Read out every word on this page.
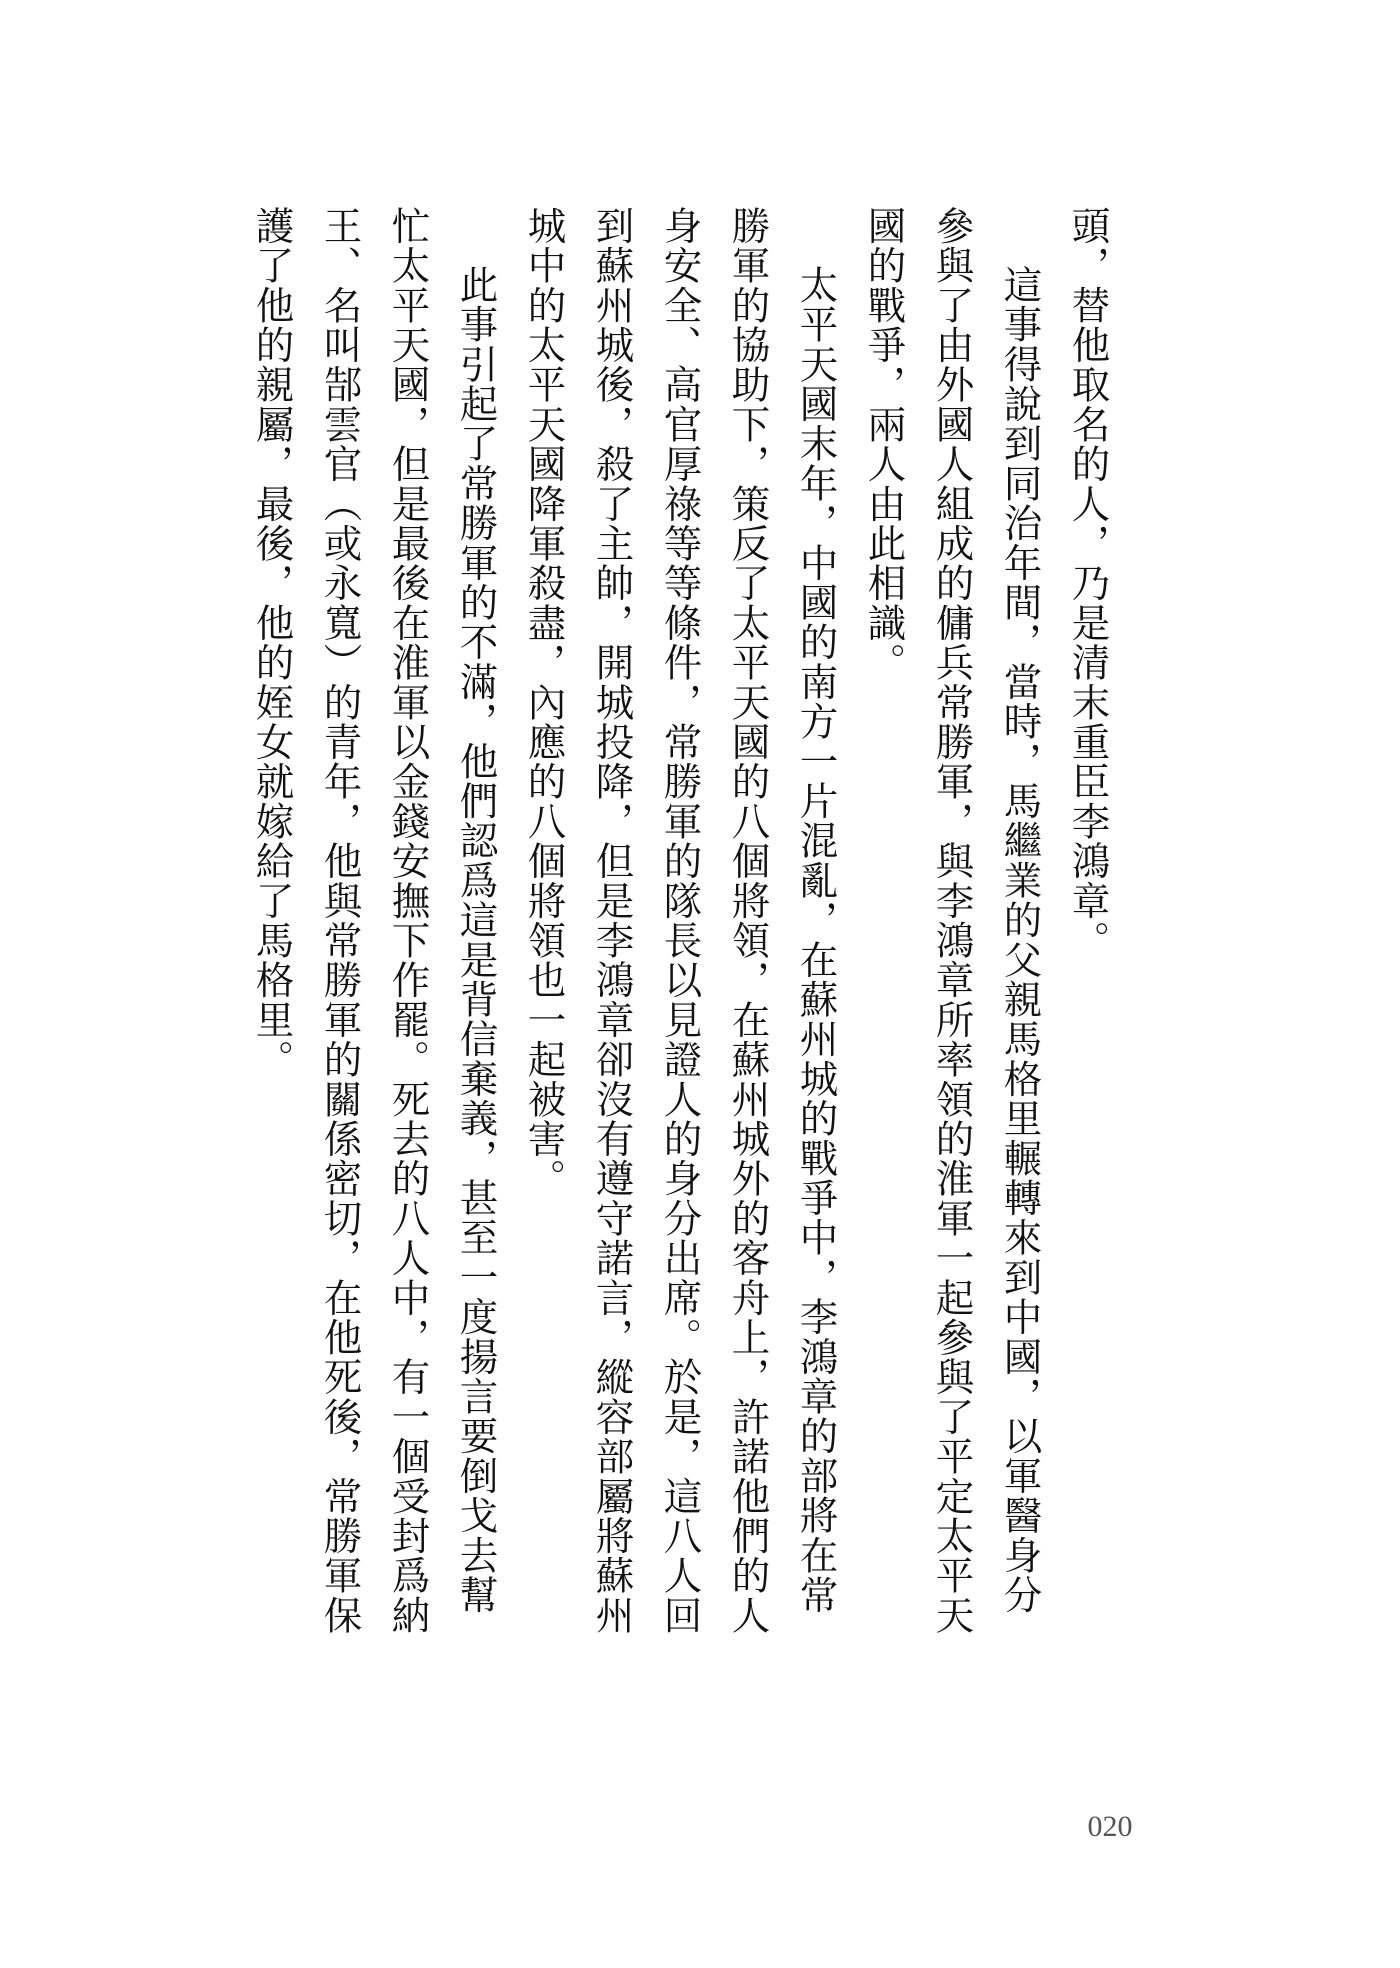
頭，替他取名的人，乃是清末重臣李鴻章。
這事得說到同治年間，當時，馬繼業的父親馬格里輾轉來到中國，以軍醫身分
參與了由外國人組成的傭兵常勝軍，與李鴻章所率領的淮軍一起參與了平定太平天
國的戰爭，兩人由此相識。
太平天國末年，中國的南方一片混亂，在蘇州城的戰爭中，李鴻章的部將在常
勝軍的協助下，策反了太平天國的八個將領，在蘇州城外的客舟上，許諾他們的人
身安全、高官厚祿等等條件，常勝軍的隊長以見證人的身分出席。於是，這八人回
到蘇州城後，殺了主帥，開城投降，但是李鴻章卻沒有遵守諾言，縱容部屬將蘇州
城中的太平天國降軍殺盡，內應的八個將領也一起被害。
此事引起了常勝軍的不滿，他們認爲這是背信棄義，甚至一度揚言要倒戈去幫
忙太平天國，但是最後在淮軍以金錢安撫下作罷。死去的八人中，有一個受封爲納
王、名叫郜雲官（或永寬）的青年，他與常勝軍的關係密切，在他死後，常勝軍保
護了他的親屬，最後，他的姪女就嫁給了馬格里。
020
